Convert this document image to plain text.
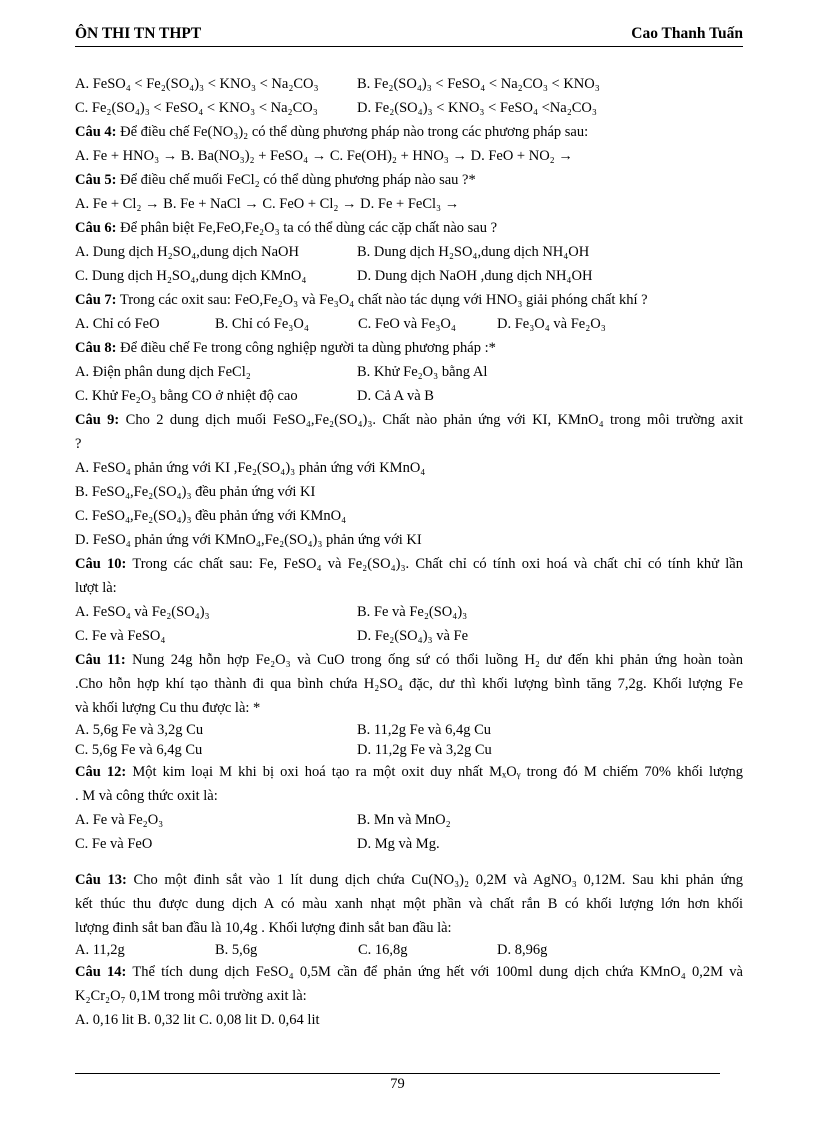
ÔN THI TN THPT	Cao Thanh Tuấn
A. FeSO₄ < Fe₂(SO₄)₃ < KNO₃ < Na₂CO₃	B. Fe₂(SO₄)₃ < FeSO₄ < Na₂CO₃ < KNO₃
C. Fe₂(SO₄)₃ < FeSO₄ < KNO₃ < Na₂CO₃	D. Fe₂(SO₄)₃ < KNO₃ < FeSO₄ <Na₂CO₃
Câu 4: Để điều chế Fe(NO₃)₂ có thể dùng phương pháp nào trong các phương pháp sau:
A. Fe + HNO₃ → B. Ba(NO₃)₂ + FeSO₄ → C. Fe(OH)₂ + HNO₃ → D. FeO + NO₂ →
Câu 5: Để điều chế muối FeCl₂ có thể dùng phương pháp nào sau ?*
A. Fe + Cl₂ → B. Fe + NaCl → C. FeO + Cl₂ → D. Fe + FeCl₃ →
Câu 6: Để phân biệt Fe,FeO,Fe₂O₃ ta có thể dùng các cặp chất nào sau ?
A. Dung dịch H₂SO₄,dung dịch NaOH	B. Dung dịch H₂SO₄,dung dịch NH₄OH
C. Dung dịch H₂SO₄,dung dịch KMnO₄	D. Dung dịch NaOH ,dung dịch NH₄OH
Câu 7: Trong các oxit sau: FeO,Fe₂O₃ và Fe₃O₄ chất nào tác dụng với HNO₃ giải phóng chất khí ?
A. Chỉ có FeO	B. Chỉ có Fe₃O₄	C. FeO và Fe₃O₄	D. Fe₃O₄ và Fe₂O₃
Câu 8: Để điều chế Fe trong công nghiệp người ta dùng phương pháp :*
A. Điện phân dung dịch FeCl₂	B. Khử Fe₂O₃ bằng Al
C. Khử Fe₂O₃ bằng CO ở nhiệt độ cao	D. Cả A và B
Câu 9: Cho 2 dung dịch muối FeSO₄,Fe₂(SO₄)₃. Chất nào phản ứng với KI, KMnO₄ trong môi trường axit
?
A. FeSO₄ phản ứng với KI ,Fe₂(SO₄)₃ phản ứng với KMnO₄
B. FeSO₄,Fe₂(SO₄)₃ đều phản ứng với KI
C. FeSO₄,Fe₂(SO₄)₃ đều phản ứng với KMnO₄
D. FeSO₄ phản ứng với KMnO₄,Fe₂(SO₄)₃ phản ứng với KI
Câu 10: Trong các chất sau: Fe, FeSO₄ và Fe₂(SO₄)₃. Chất chỉ có tính oxi hoá và chất chỉ có tính khử lần
lượt là:
A. FeSO₄ và Fe₂(SO₄)₃	B. Fe và Fe₂(SO₄)₃
C. Fe và FeSO₄	D. Fe₂(SO₄)₃ và Fe
Câu 11: Nung 24g hỗn hợp Fe₂O₃ và CuO trong ống sứ có thổi luồng H₂ dư đến khi phản ứng hoàn toàn
.Cho hỗn hợp khí tạo thành đi qua bình chứa H₂SO₄ đặc, dư thì khối lượng bình tăng 7,2g. Khối lượng Fe
và khối lượng Cu thu được là: *
A. 5,6g Fe và 3,2g Cu	B. 11,2g Fe và 6,4g Cu
C. 5,6g Fe và 6,4g Cu	D. 11,2g Fe và 3,2g Cu
Câu 12: Một kim loại M khi bị oxi hoá tạo ra một oxit duy nhất MₓOᵧ trong đó M chiếm 70% khối lượng
. M và công thức oxit là:
A. Fe và Fe₂O₃	B. Mn và MnO₂
C. Fe và FeO	D. Mg và Mg.
Câu 13: Cho một đinh sắt vào 1 lít dung dịch chứa Cu(NO₃)₂ 0,2M và AgNO₃ 0,12M. Sau khi phản ứng
kết thúc thu được dung dịch A có màu xanh nhạt một phần và chất rắn B có khối lượng lớn hơn khối
lượng đinh sắt ban đầu là 10,4g . Khối lượng đinh sắt ban đầu là:
A. 11,2g	B. 5,6g	C. 16,8g	D. 8,96g
Câu 14: Thể tích dung dịch FeSO₄ 0,5M cần để phản ứng hết với 100ml dung dịch chứa KMnO₄ 0,2M và
K₂Cr₂O₇ 0,1M trong môi trường axit là:
A. 0,16 lit B. 0,32 lit C. 0,08 lit D. 0,64 lit
79
